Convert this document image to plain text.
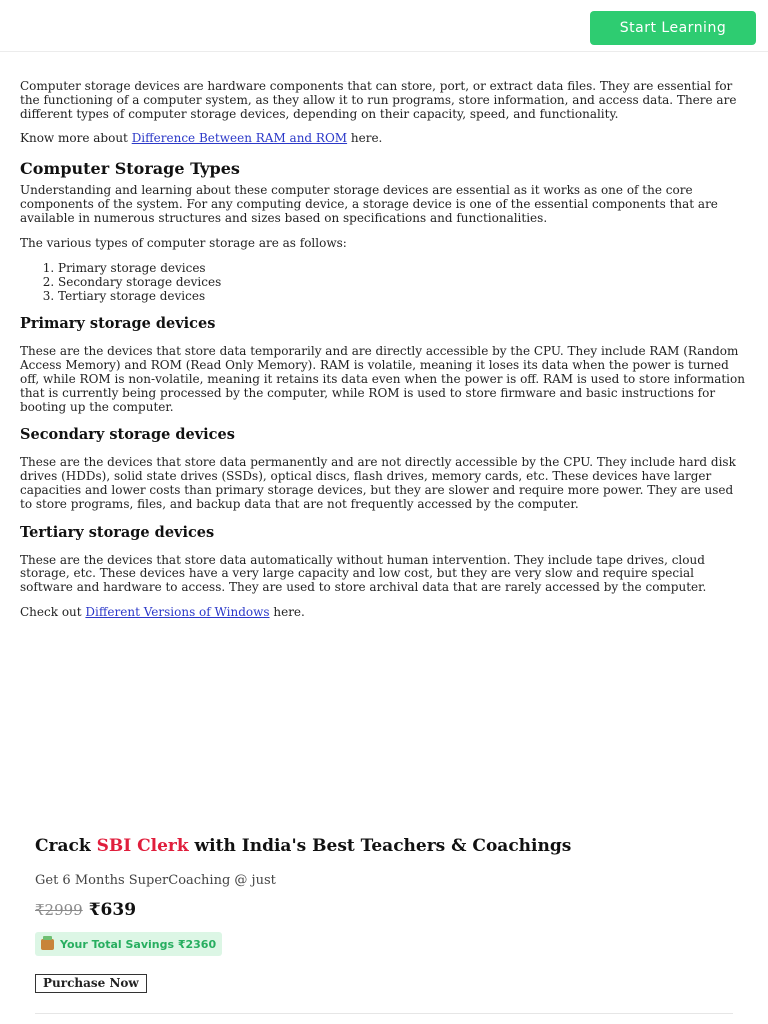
Start Learning

Computer storage devices are hardware components that can store, port, or extract data files. They are essential for the functioning of a computer system, as they allow it to run programs, store information, and access data. There are different types of computer storage devices, depending on their capacity, speed, and functionality.

Know more about Difference Between RAM and ROM here.

Computer Storage Types

Understanding and learning about these computer storage devices are essential as it works as one of the core components of the system. For any computing device, a storage device is one of the essential components that are available in numerous structures and sizes based on specifications and functionalities.

The various types of computer storage are as follows:

1. Primary storage devices
2. Secondary storage devices
3. Tertiary storage devices
Primary storage devices

These are the devices that store data temporarily and are directly accessible by the CPU. They include RAM (Random Access Memory) and ROM (Read Only Memory). RAM is volatile, meaning it loses its data when the power is turned off, while ROM is non-volatile, meaning it retains its data even when the power is off. RAM is used to store information that is currently being processed by the computer, while ROM is used to store firmware and basic instructions for booting up the computer.

Secondary storage devices

These are the devices that store data permanently and are not directly accessible by the CPU. They include hard disk drives (HDDs), solid state drives (SSDs), optical discs, flash drives, memory cards, etc. These devices have larger capacities and lower costs than primary storage devices, but they are slower and require more power. They are used to store programs, files, and backup data that are not frequently accessed by the computer.

Tertiary storage devices

These are the devices that store data automatically without human intervention. They include tape drives, cloud storage, etc. These devices have a very large capacity and low cost, but they are very slow and require special software and hardware to access. They are used to store archival data that are rarely accessed by the computer.

Check out Different Versions of Windows here.

Crack SBI Clerk with India's Best Teachers & Coachings
Get 6 Months SuperCoaching @ just
₹2999 ₹639
Your Total Savings ₹2360
Purchase Now
